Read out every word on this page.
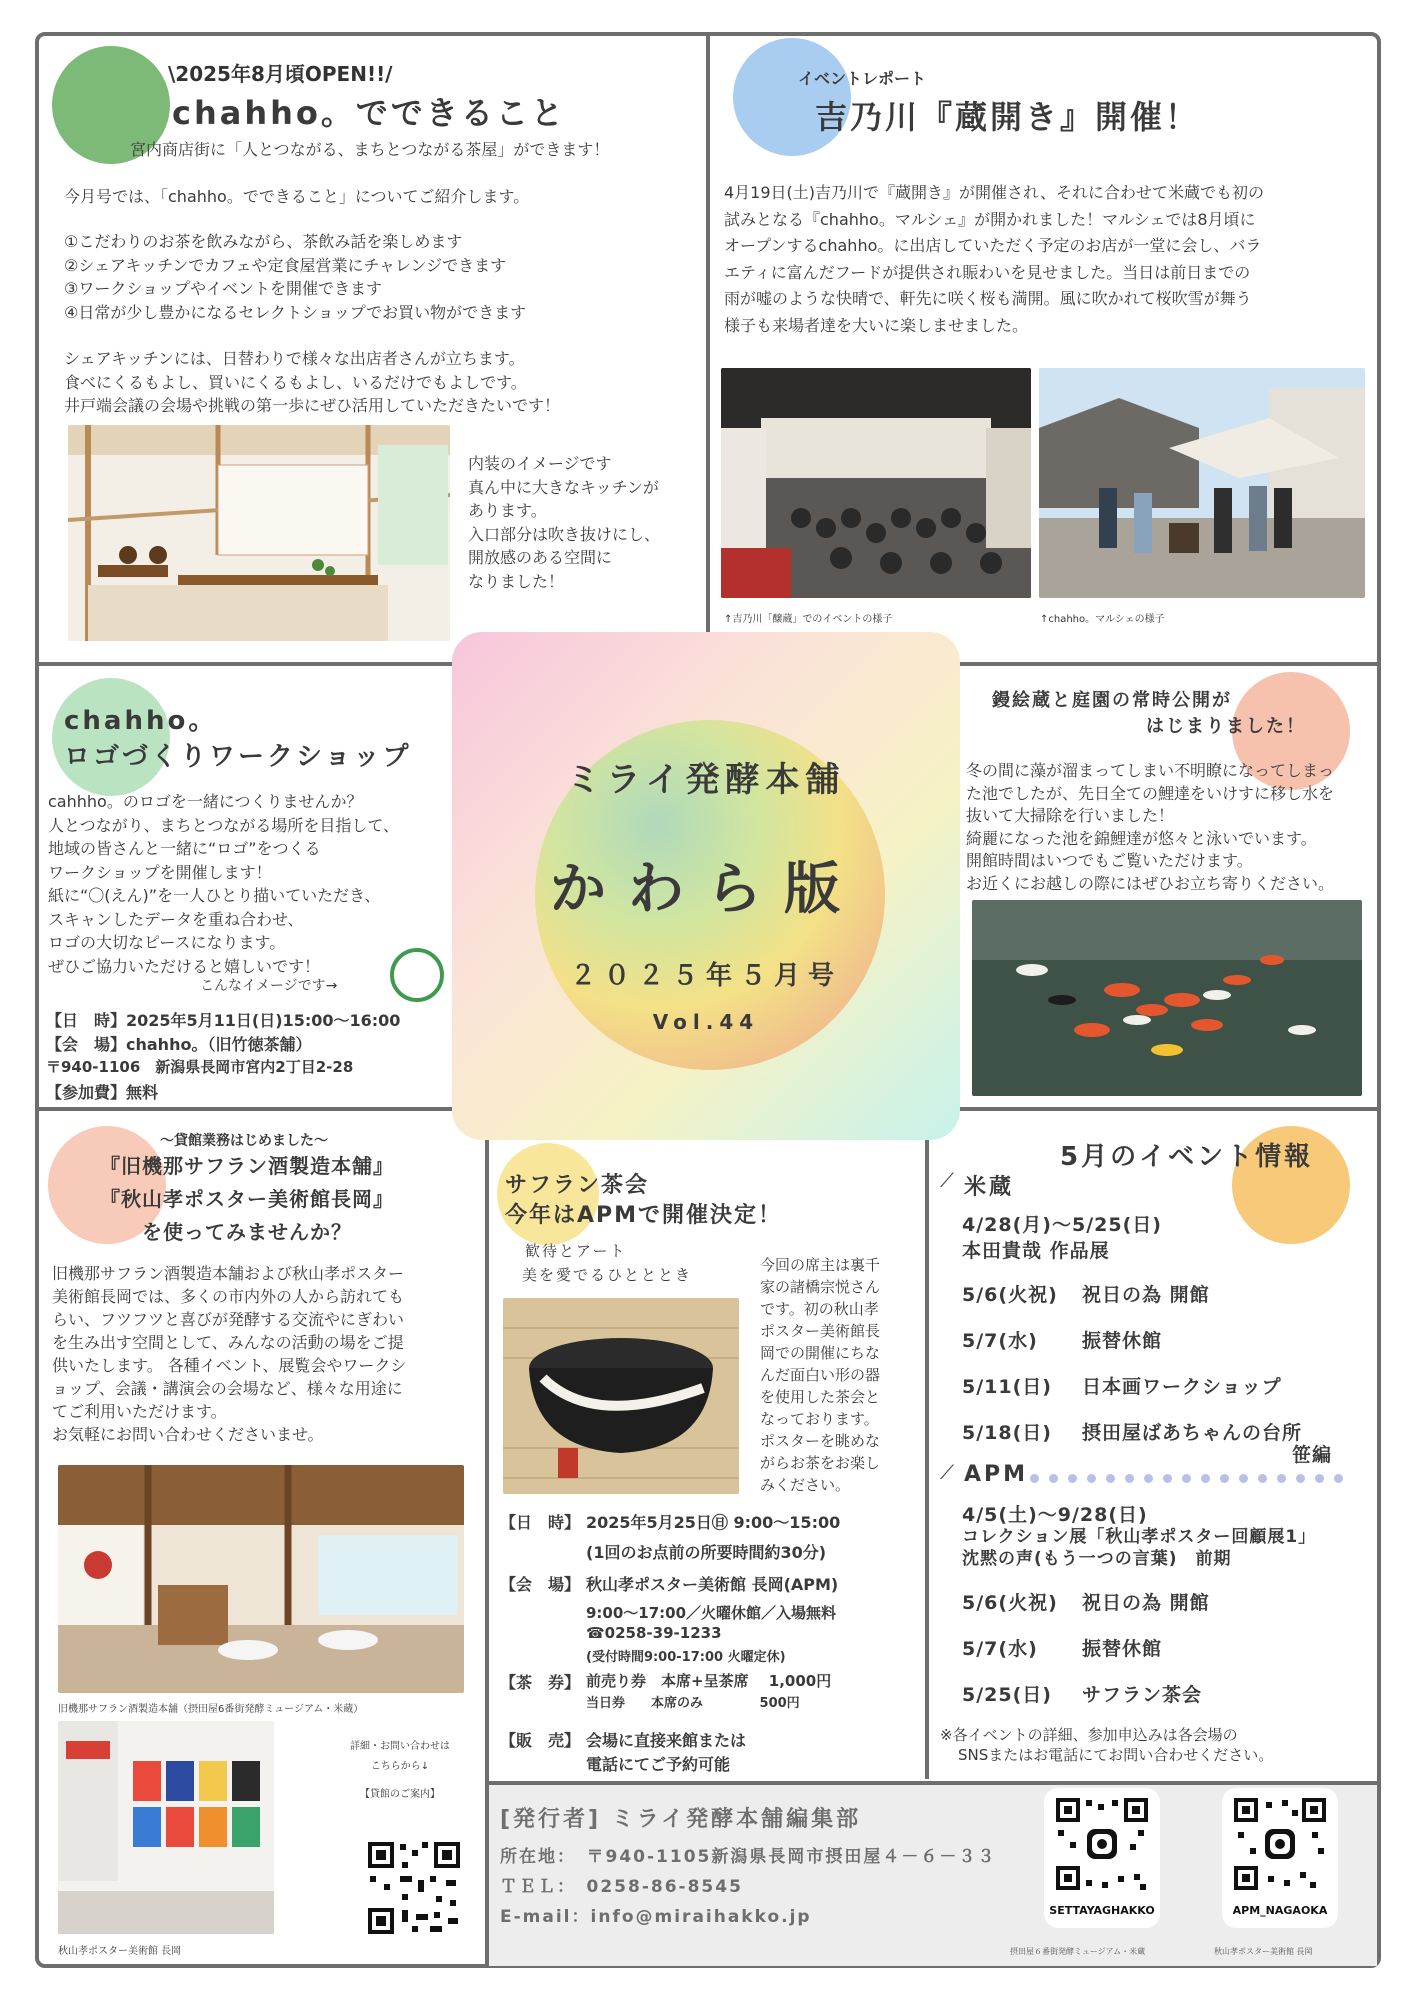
\2025年8月頃OPEN!!/
chahho。でできること
宮内商店街に「人とつながる、まちとつながる茶屋」ができます！
今月号では、「chahho。でできること」についてご紹介します。
①こだわりのお茶を飲みながら、茶飲み話を楽しめます
②シェアキッチンでカフェや定食屋営業にチャレンジできます
③ワークショップやイベントを開催できます
④日常が少し豊かになるセレクトショップでお買い物ができます
シェアキッチンには、日替わりで様々な出店者さんが立ちます。
食べにくるもよし、買いにくるもよし、いるだけでもよしです。
井戸端会議の会場や挑戦の第一歩にぜひ活用していただきたいです！
内装のイメージです
真ん中に大きなキッチンが
あります。
入口部分は吹き抜けにし、
開放感のある空間に
なりました！
イベントレポート
吉乃川『蔵開き』開催！
4月19日(土)吉乃川で『蔵開き』が開催され、それに合わせて米蔵でも初の
試みとなる『chahho。マルシェ』が開かれました！マルシェでは8月頃に
オープンするchahho。に出店していただく予定のお店が一堂に会し、バラ
エティに富んだフードが提供され賑わいを見せました。当日は前日までの
雨が嘘のような快晴で、軒先に咲く桜も満開。風に吹かれて桜吹雪が舞う
様子も来場者達を大いに楽しませました。
↑吉乃川「醸蔵」でのイベントの様子	↑chahho。マルシェの様子
chahho。
ロゴづくりワークショップ
cahhho。のロゴを一緒につくりませんか？
人とつながり、まちとつながる場所を目指して、
地域の皆さんと一緒に“ロゴ”をつくる
ワークショップを開催します！
紙に“〇(えん)”を一人ひとり描いていただき、
スキャンしたデータを重ね合わせ、
ロゴの大切なピースになります。
ぜひご協力いただけると嬉しいです！
こんなイメージです→
【日　時】2025年5月11日(日)15:00～16:00
【会　場】chahho。（旧竹徳茶舗）
〒940-1106　新潟県長岡市宮内2丁目2-28
【参加費】無料
ミライ発酵本舗
かわら版
２０２５年５月号
Vol.44
鏝絵蔵と庭園の常時公開が
はじまりました！
冬の間に藻が溜まってしまい不明瞭になってしまっ
た池でしたが、先日全ての鯉達をいけすに移し水を
抜いて大掃除を行いました！
綺麗になった池を錦鯉達が悠々と泳いでいます。
開館時間はいつでもご覧いただけます。
お近くにお越しの際にはぜひお立ち寄りください。
～貸館業務はじめました～
『旧機那サフラン酒製造本舗』
『秋山孝ポスター美術館長岡』
を使ってみませんか？
旧機那サフラン酒製造本舗および秋山孝ポスター
美術館長岡では、多くの市内外の人から訪れても
らい、フツフツと喜びが発酵する交流やにぎわい
を生み出す空間として、みんなの活動の場をご提
供いたします。 各種イベント、展覧会やワークシ
ョップ、会議・講演会の会場など、様々な用途に
てご利用いただけます。
お気軽にお問い合わせくださいませ。
旧機那サフラン酒製造本舗（摂田屋6番街発酵ミュージアム・米蔵）
秋山孝ポスター美術館 長岡
詳細・お問い合わせは
こちらから↓
【貸館のご案内】
サフラン茶会
今年はAPMで開催決定！
歓待とアート
美を愛でるひとととき
今回の席主は裏千
家の諸橋宗悦さん
です。初の秋山孝
ポスター美術館長
岡での開催にちな
んだ面白い形の器
を使用した茶会と
なっております。
ポスターを眺めな
がらお茶をお楽し
みください。
【日　時】 2025年5月25日㊐ 9:00～15:00
(1回のお点前の所要時間約30分)
【会　場】 秋山孝ポスター美術館 長岡(APM)
9:00～17:00／火曜休館／入場無料
☎0258-39-1233
(受付時間9:00-17:00 火曜定休)
【茶　券】 前売り券　本席+呈茶席　 1,000円
当日券　　本席のみ　　　　 500円
【販　売】 会場に直接来館または
電話にてご予約可能
5月のイベント情報
⟋ 米蔵
4/28(月)～5/25(日)
本田貴哉 作品展
5/6(火祝) 祝日の為 開館
5/7(水) 振替休館
5/11(日) 日本画ワークショップ
5/18(日) 摂田屋ばあちゃんの台所
笹編
⟋ APM
4/5(土)～9/28(日)
コレクション展「秋山孝ポスター回顧展1」
沈黙の声(もう一つの言葉)　前期
5/6(火祝) 祝日の為 開館
5/7(水) 振替休館
5/25(日) サフラン茶会
※各イベントの詳細、参加申込みは各会場の
SNSまたはお電話にてお問い合わせください。
[発行者] ミライ発酵本舗編集部
所在地：　〒940-1105新潟県長岡市摂田屋４－６－３３
ＴＥＬ：　0258-86-8545
E-mail：info@miraihakko.jp	SETTAYAGHAKKO
摂田屋６番街発酵ミュージアム・米蔵
APM_NAGAOKA
秋山孝ポスター美術館 長岡
